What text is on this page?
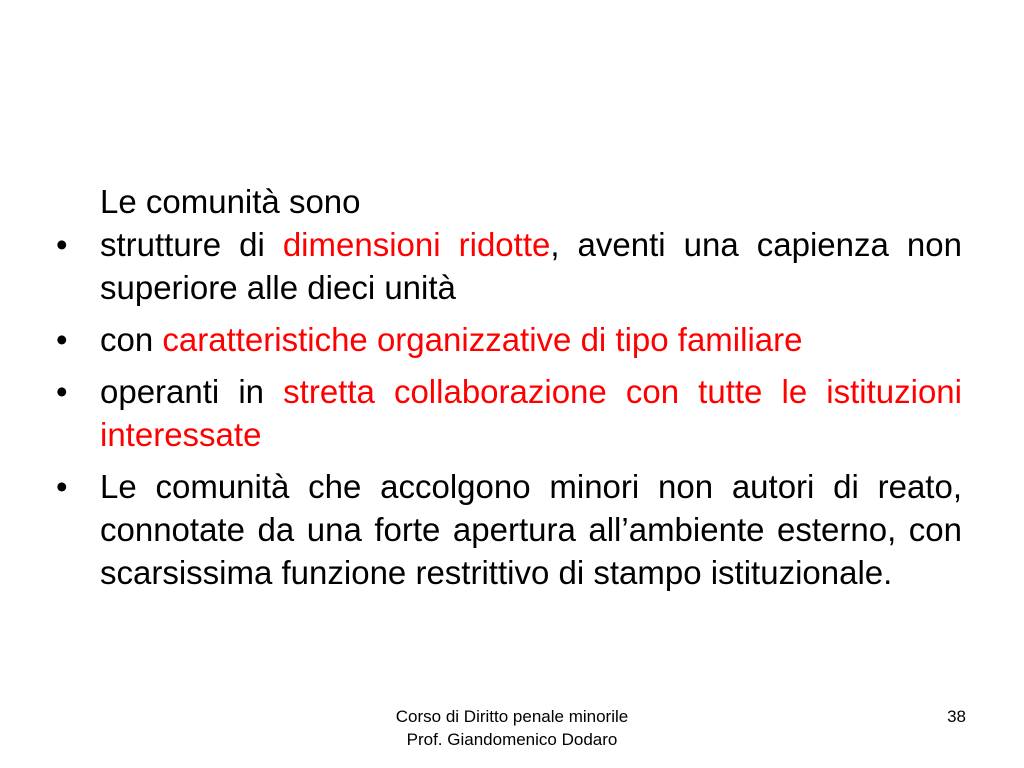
Le comunità sono

• strutture di dimensioni ridotte, aventi una capienza non superiore alle dieci unità
• con caratteristiche organizzative di tipo familiare
• operanti in stretta collaborazione con tutte le istituzioni interessate
• Le comunità che accolgono minori non autori di reato, connotate da una forte apertura all’ambiente esterno, con scarsissima funzione restrittivo di stampo istituzionale.
Corso di Diritto penale minorile
Prof. Giandomenico Dodaro
38
